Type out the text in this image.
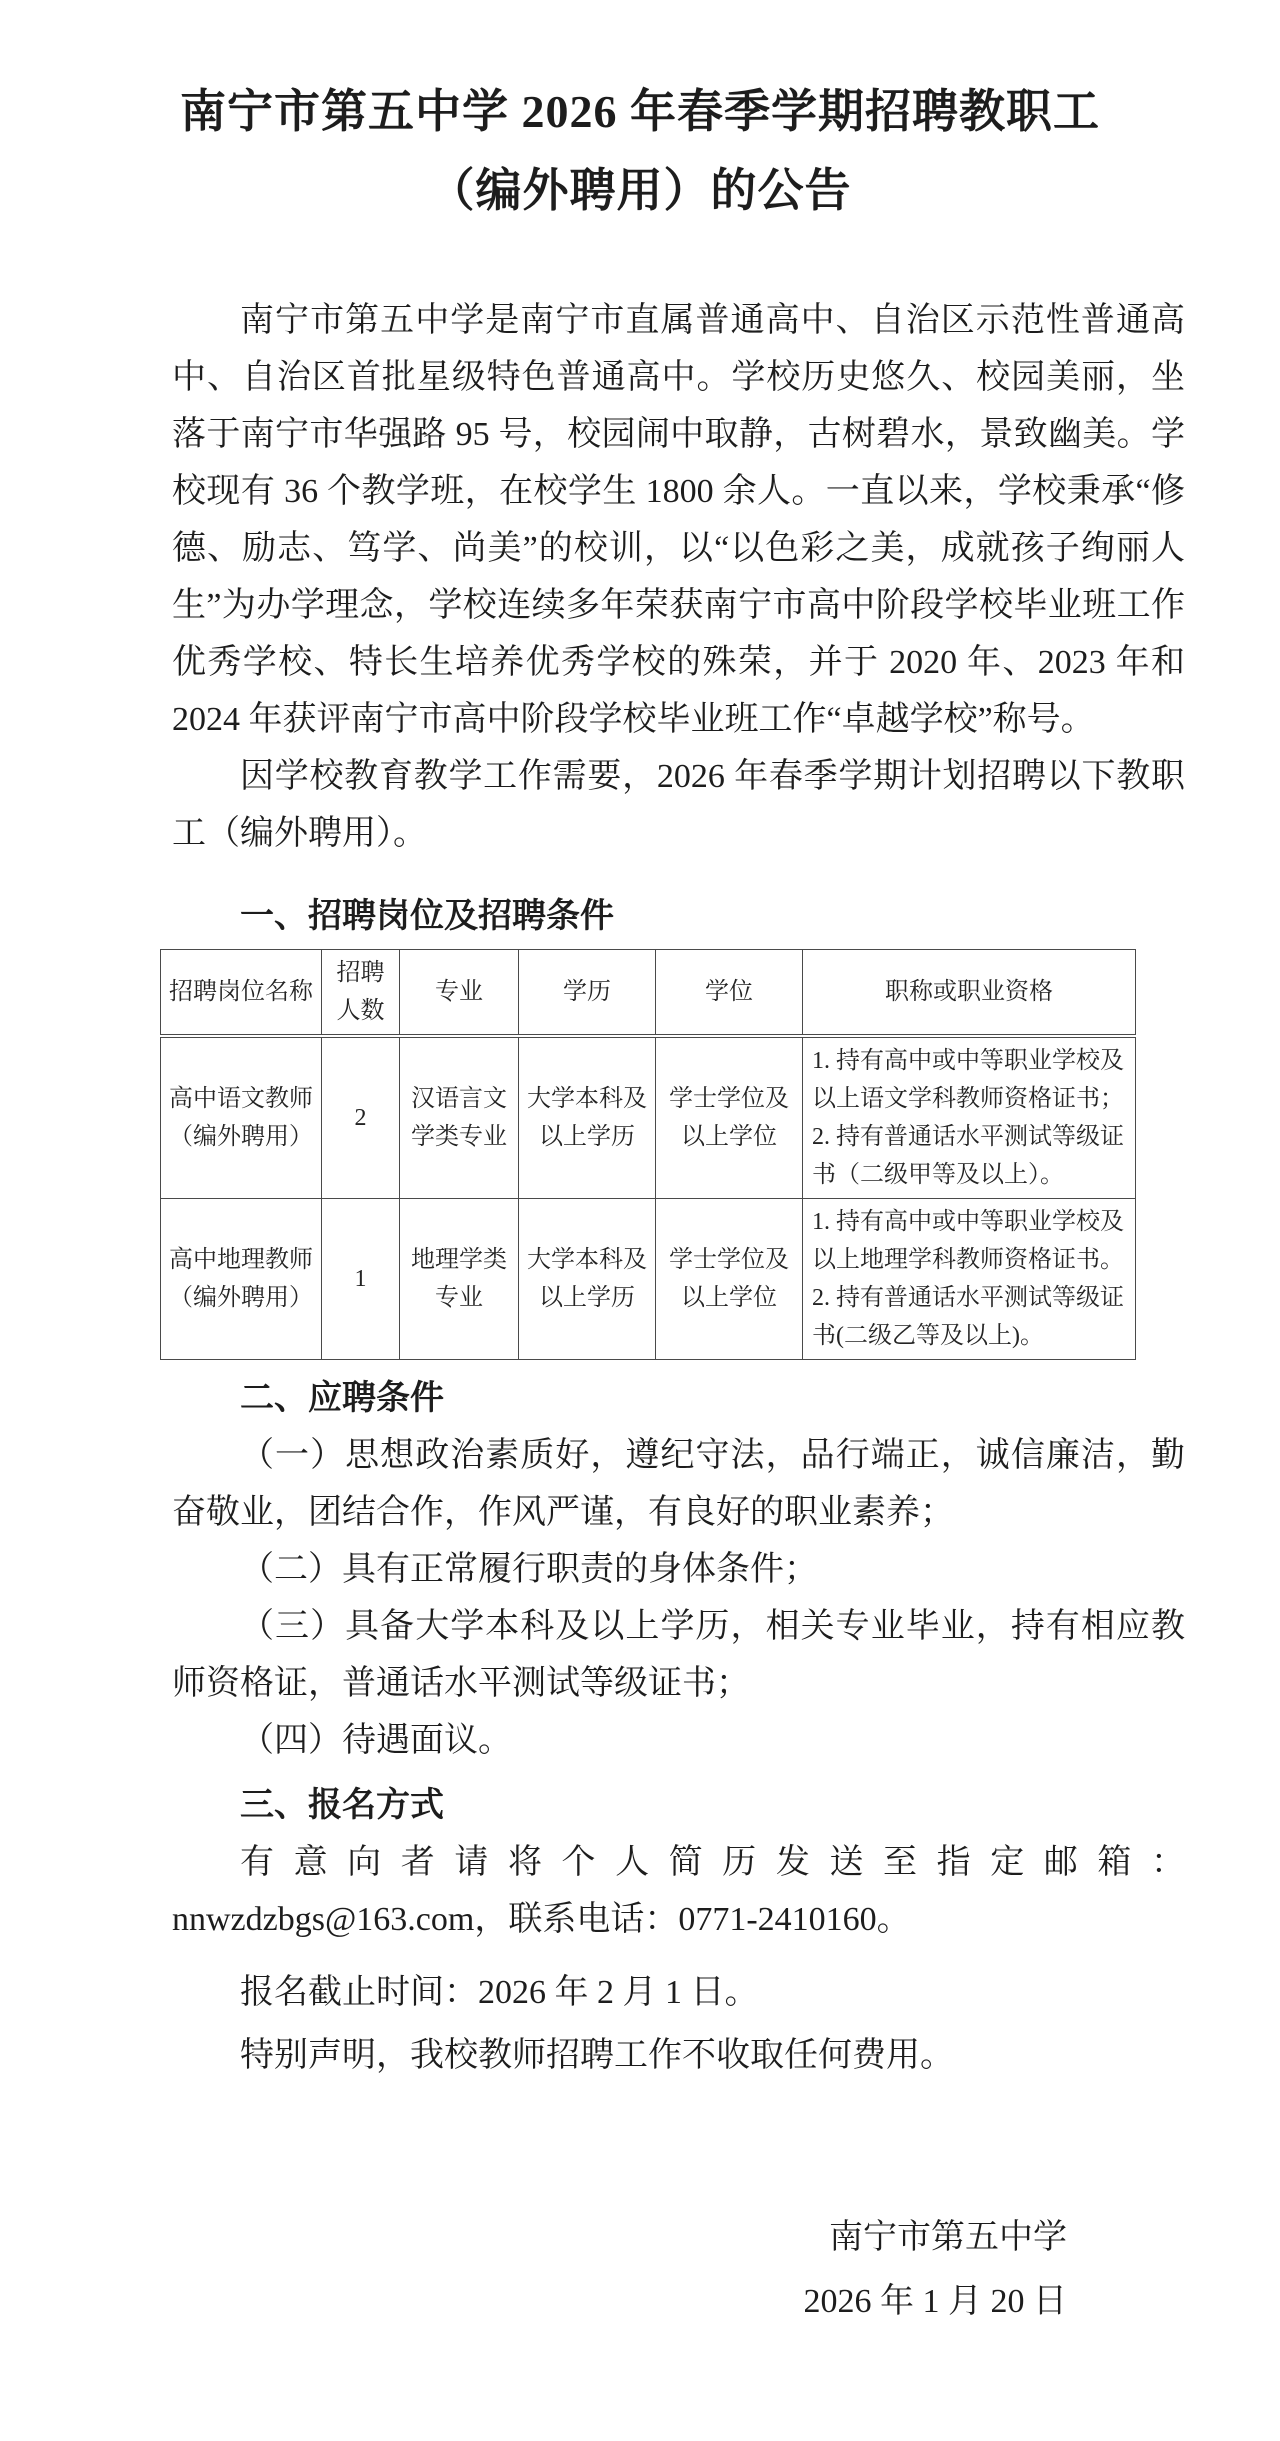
南宁市第五中学 2026 年春季学期招聘教职工
（编外聘用）的公告

南宁市第五中学是南宁市直属普通高中、自治区示范性普通高中、自治区首批星级特色普通高中。学校历史悠久、校园美丽，坐落于南宁市华强路 95 号，校园闹中取静，古树碧水，景致幽美。学校现有 36 个教学班，在校学生 1800 余人。一直以来，学校秉承“修德、励志、笃学、尚美”的校训，以“以色彩之美，成就孩子绚丽人生”为办学理念，学校连续多年荣获南宁市高中阶段学校毕业班工作优秀学校、特长生培养优秀学校的殊荣，并于 2020 年、2023 年和 2024 年获评南宁市高中阶段学校毕业班工作“卓越学校”称号。

因学校教育教学工作需要，2026 年春季学期计划招聘以下教职工（编外聘用）。

一、招聘岗位及招聘条件
招聘岗位名称	招聘人数	专业	学历	学位	职称或职业资格
高中语文教师（编外聘用）	2	汉语言文学类专业	大学本科及以上学历	学士学位及以上学位	1. 持有高中或中等职业学校及以上语文学科教师资格证书；
2. 持有普通话水平测试等级证书（二级甲等及以上）。

高中地理教师（编外聘用）	1	地理学类专业	大学本科及以上学历	学士学位及以上学位	1. 持有高中或中等职业学校及以上地理学科教师资格证书。
2. 持有普通话水平测试等级证书(二级乙等及以上)。
二、应聘条件

（一）思想政治素质好，遵纪守法，品行端正，诚信廉洁，勤奋敬业，团结合作，作风严谨，有良好的职业素养；

（二）具有正常履行职责的身体条件；

（三）具备大学本科及以上学历，相关专业毕业，持有相应教师资格证，普通话水平测试等级证书；

（四）待遇面议。

三、报名方式

有意向者请将个人简历发送至指定邮箱：

nnwzdzbgs@163.com，联系电话：0771-2410160。

报名截止时间：2026 年 2 月 1 日。

特别声明，我校教师招聘工作不收取任何费用。

南宁市第五中学

2026 年 1 月 20 日
